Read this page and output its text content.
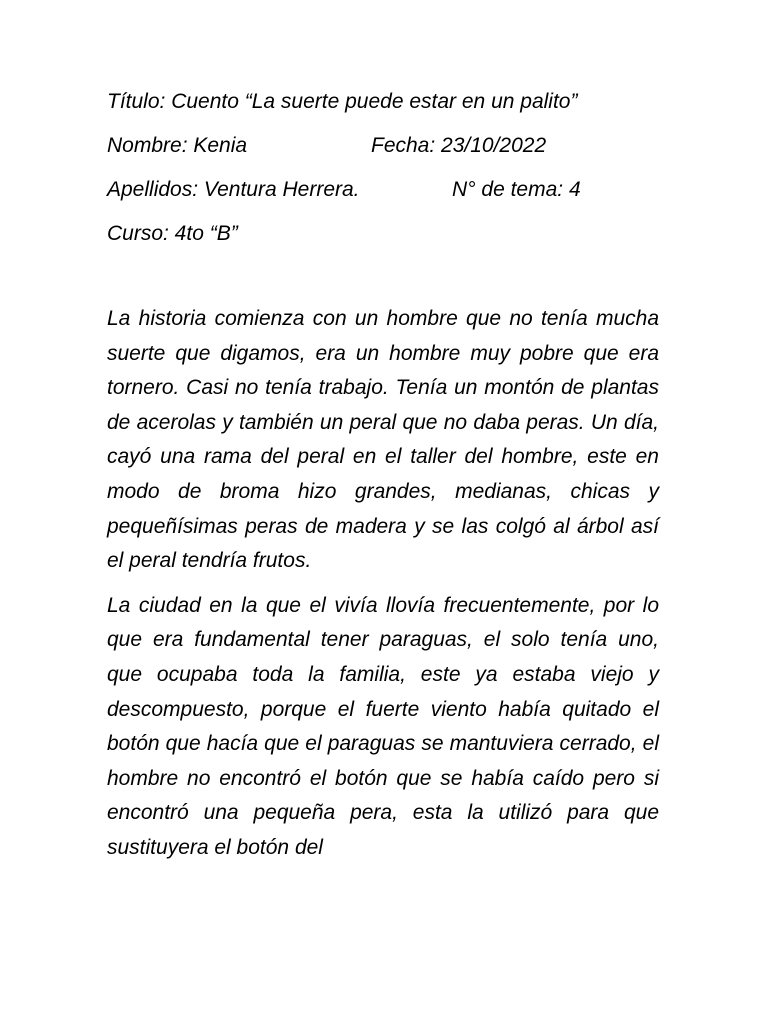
Título: Cuento “La suerte puede estar en un palito”
Nombre: Kenia	Fecha: 23/10/2022
Apellidos: Ventura Herrera.	N° de tema: 4
Curso: 4to “B”

La historia comienza con un hombre que no tenía mucha suerte que digamos, era un hombre muy pobre que era tornero. Casi no tenía trabajo. Tenía un montón de plantas de acerolas y también un peral que no daba peras. Un día, cayó una rama del peral en el taller del hombre, este en modo de broma hizo grandes, medianas, chicas y pequeñísimas peras de madera y se las colgó al árbol así el peral tendría frutos.

La ciudad en la que el vivía llovía frecuentemente, por lo que era fundamental tener paraguas, el solo tenía uno, que ocupaba toda la familia, este ya estaba viejo y descompuesto, porque el fuerte viento había quitado el botón que hacía que el paraguas se mantuviera cerrado, el hombre no encontró el botón que se había caído pero si encontró una pequeña pera, esta la utilizó para que sustituyera el botón del
